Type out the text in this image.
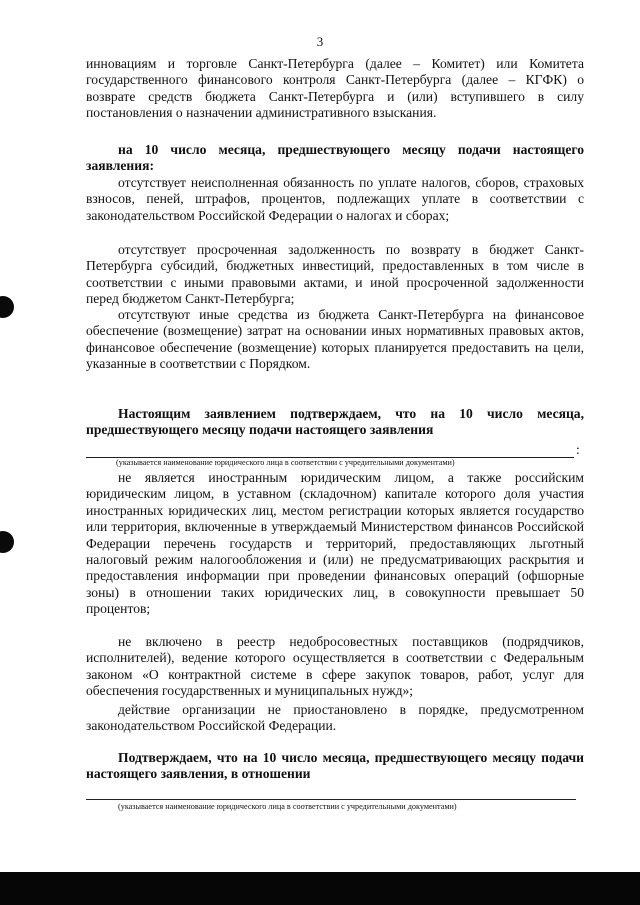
3
инновациям и торговле Санкт-Петербурга (далее – Комитет) или Комитета государственного финансового контроля Санкт-Петербурга (далее – КГФК) о возврате средств бюджета Санкт-Петербурга и (или) вступившего в силу постановления о назначении административного взыскания.
на 10 число месяца, предшествующего месяцу подачи настоящего заявления:
отсутствует неисполненная обязанность по уплате налогов, сборов, страховых взносов, пеней, штрафов, процентов, подлежащих уплате в соответствии с законодательством Российской Федерации о налогах и сборах;
отсутствует просроченная задолженность по возврату в бюджет Санкт-Петербурга субсидий, бюджетных инвестиций, предоставленных в том числе в соответствии с иными правовыми актами, и иной просроченной задолженности перед бюджетом Санкт-Петербурга;
отсутствуют иные средства из бюджета Санкт-Петербурга на финансовое обеспечение (возмещение) затрат на основании иных нормативных правовых актов, финансовое обеспечение (возмещение) которых планируется предоставить на цели, указанные в соответствии с Порядком.
Настоящим заявлением подтверждаем, что на 10 число месяца, предшествующего месяцу подачи настоящего заявления
:
(указывается наименование юридического лица в соответствии с учредительными документами)
не является иностранным юридическим лицом, а также российским юридическим лицом, в уставном (складочном) капитале которого доля участия иностранных юридических лиц, местом регистрации которых является государство или территория, включенные в утверждаемый Министерством финансов Российской Федерации перечень государств и территорий, предоставляющих льготный налоговый режим налогообложения и (или) не предусматривающих раскрытия и предоставления информации при проведении финансовых операций (офшорные зоны) в отношении таких юридических лиц, в совокупности превышает 50 процентов;
не включено в реестр недобросовестных поставщиков (подрядчиков, исполнителей), ведение которого осуществляется в соответствии с Федеральным законом «О контрактной системе в сфере закупок товаров, работ, услуг для обеспечения государственных и муниципальных нужд»;
действие организации не приостановлено в порядке, предусмотренном законодательством Российской Федерации.
Подтверждаем, что на 10 число месяца, предшествующего месяцу подачи настоящего заявления, в отношении
(указывается наименование юридического лица в соответствии с учредительными документами)
